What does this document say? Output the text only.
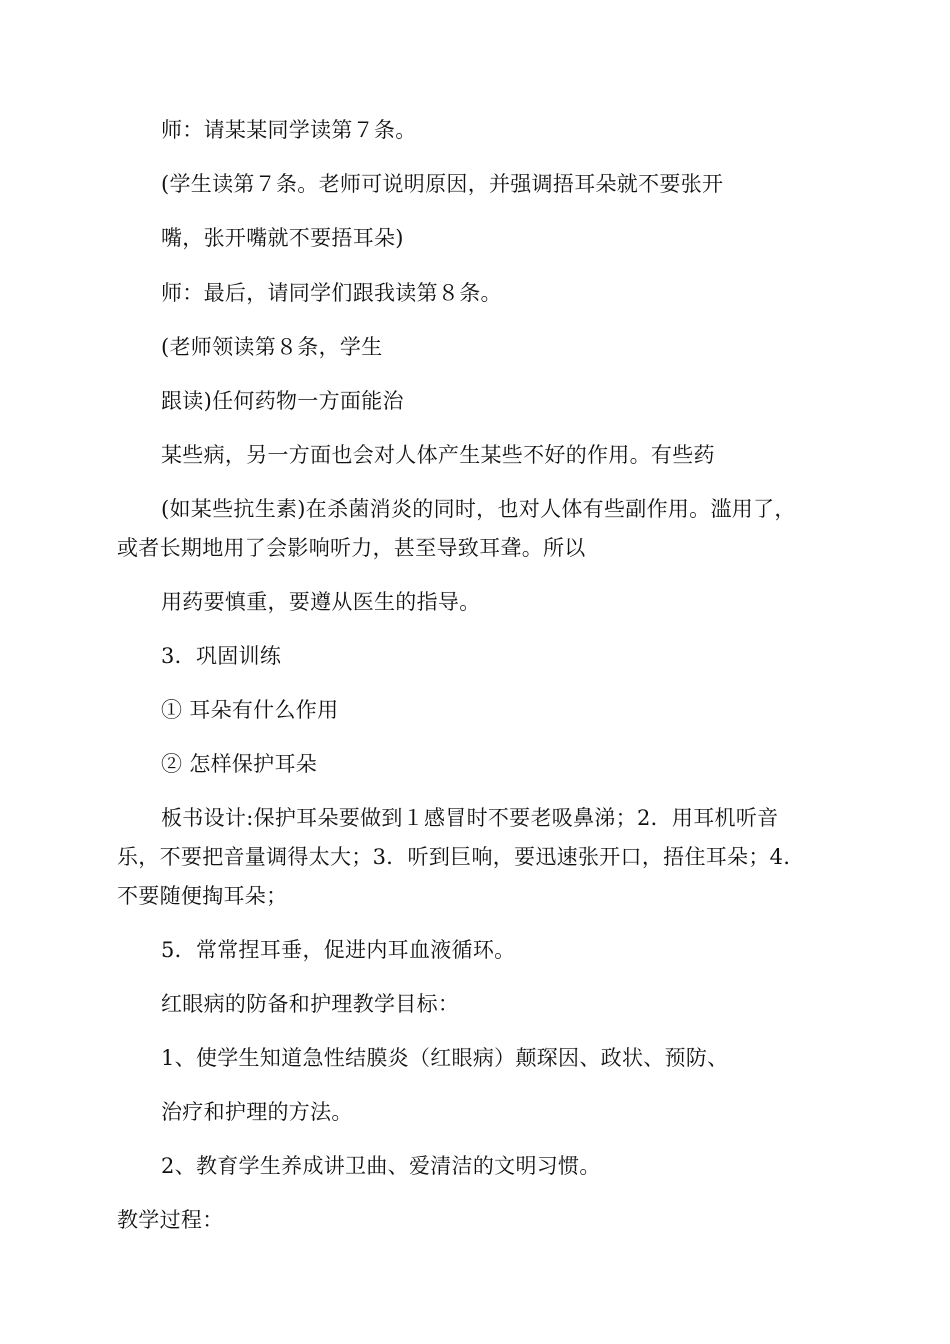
师：请某某同学读第７条。
(学生读第７条。老师可说明原因，并强调捂耳朵就不要张开
嘴，张开嘴就不要捂耳朵)
师：最后，请同学们跟我读第８条。
(老师领读第８条，学生
跟读)任何药物一方面能治
某些病，另一方面也会对人体产生某些不好的作用。有些药
(如某些抗生素)在杀菌消炎的同时，也对人体有些副作用。滥用了，
或者长期地用了会影响听力，甚至导致耳聋。所以
用药要慎重，要遵从医生的指导。
3．巩固训练
① 耳朵有什么作用
② 怎样保护耳朵
板书设计:保护耳朵要做到１感冒时不要老吸鼻涕；2．用耳机听音
乐，不要把音量调得太大；3．听到巨响，要迅速张开口，捂住耳朵；4．
不要随便掏耳朵；
5．常常捏耳垂，促进内耳血液循环。
红眼病的防备和护理教学目标：
1、使学生知道急性结膜炎（红眼病）颠琛因、政状、预防、
治疗和护理的方法。
2、教育学生养成讲卫曲、爱清洁的文明习惯。
教学过程：
